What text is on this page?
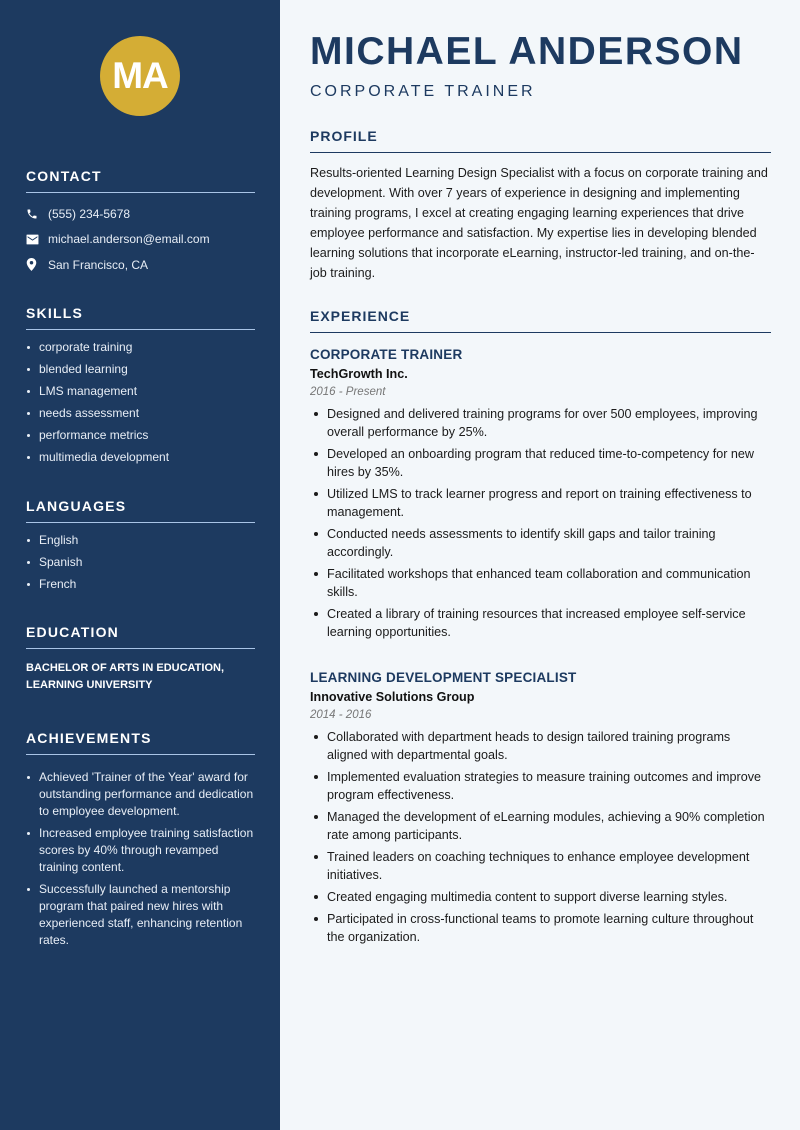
MA
CONTACT
(555) 234-5678
michael.anderson@email.com
San Francisco, CA
SKILLS
corporate training
blended learning
LMS management
needs assessment
performance metrics
multimedia development
LANGUAGES
English
Spanish
French
EDUCATION
BACHELOR OF ARTS IN EDUCATION, LEARNING UNIVERSITY
ACHIEVEMENTS
Achieved 'Trainer of the Year' award for outstanding performance and dedication to employee development.
Increased employee training satisfaction scores by 40% through revamped training content.
Successfully launched a mentorship program that paired new hires with experienced staff, enhancing retention rates.
MICHAEL ANDERSON
CORPORATE TRAINER
PROFILE

Results-oriented Learning Design Specialist with a focus on corporate training and development. With over 7 years of experience in designing and implementing training programs, I excel at creating engaging learning experiences that drive employee performance and satisfaction. My expertise lies in developing blended learning solutions that incorporate eLearning, instructor-led training, and on-the-job training.

EXPERIENCE
CORPORATE TRAINER
TechGrowth Inc.
2016 - Present
Designed and delivered training programs for over 500 employees, improving overall performance by 25%.
Developed an onboarding program that reduced time-to-competency for new hires by 35%.
Utilized LMS to track learner progress and report on training effectiveness to management.
Conducted needs assessments to identify skill gaps and tailor training accordingly.
Facilitated workshops that enhanced team collaboration and communication skills.
Created a library of training resources that increased employee self-service learning opportunities.
LEARNING DEVELOPMENT SPECIALIST
Innovative Solutions Group
2014 - 2016
Collaborated with department heads to design tailored training programs aligned with departmental goals.
Implemented evaluation strategies to measure training outcomes and improve program effectiveness.
Managed the development of eLearning modules, achieving a 90% completion rate among participants.
Trained leaders on coaching techniques to enhance employee development initiatives.
Created engaging multimedia content to support diverse learning styles.
Participated in cross-functional teams to promote learning culture throughout the organization.
